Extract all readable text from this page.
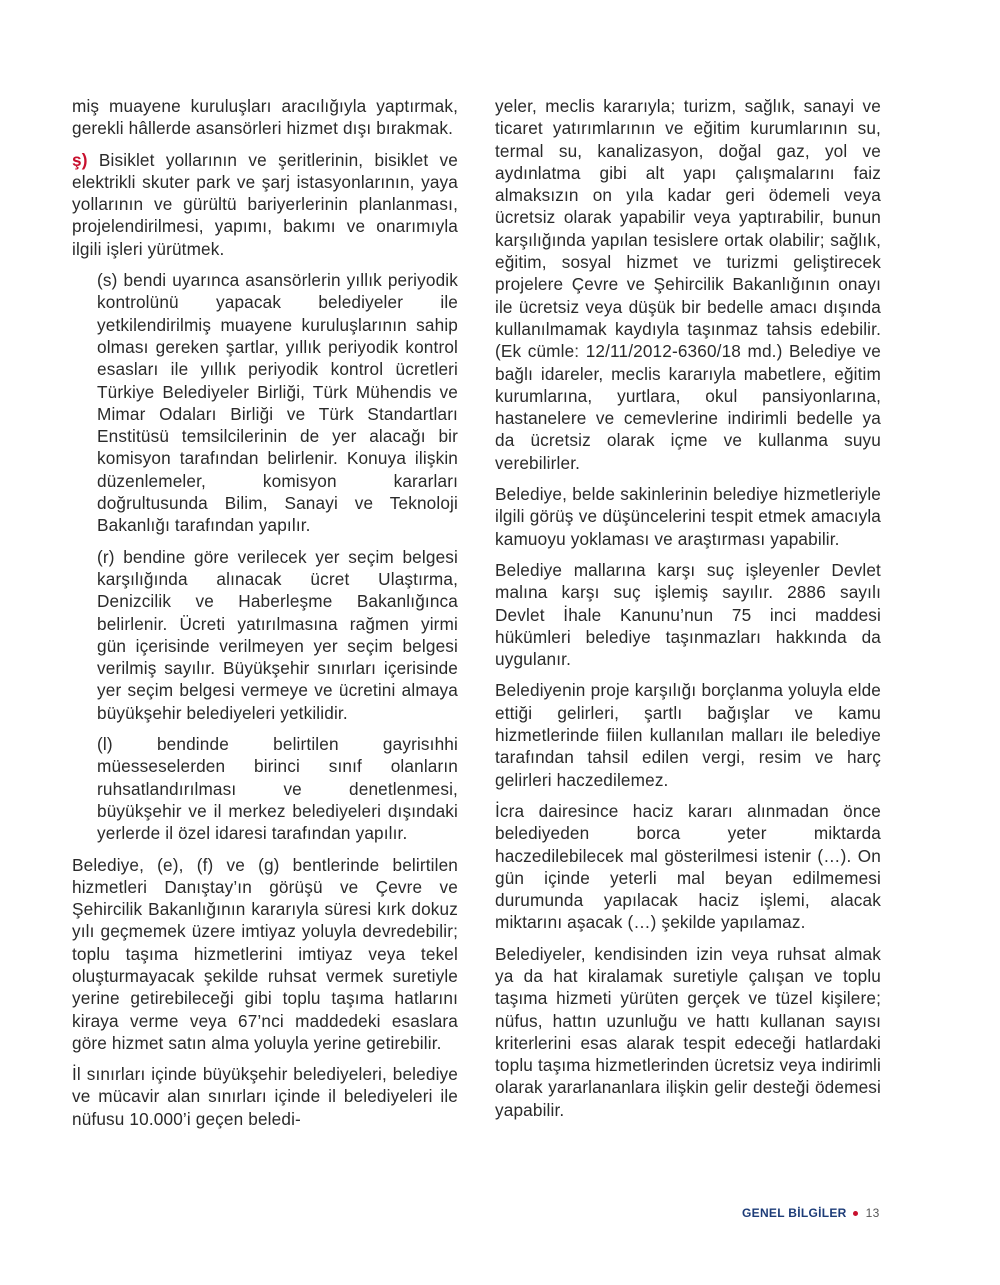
miş muayene kuruluşları aracılığıyla yaptırmak, gerekli hâllerde asansörleri hizmet dışı bırakmak.

ş) Bisiklet yollarının ve şeritlerinin, bisiklet ve elektrikli skuter park ve şarj istasyonlarının, yaya yollarının ve gürültü bariyerlerinin planlanması, projelendirilmesi, yapımı, bakımı ve onarımıyla ilgili işleri yürütmek.

(s) bendi uyarınca asansörlerin yıllık periyodik kontrolünü yapacak belediyeler ile yetkilendirilmiş muayene kuruluşlarının sahip olması gereken şartlar, yıllık periyodik kontrol esasları ile yıllık periyodik kontrol ücretleri Türkiye Belediyeler Birliği, Türk Mühendis ve Mimar Odaları Birliği ve Türk Standartları Enstitüsü temsilcilerinin de yer alacağı bir komisyon tarafından belirlenir. Konuya ilişkin düzenlemeler, komisyon kararları doğrultusunda Bilim, Sanayi ve Teknoloji Bakanlığı tarafından yapılır.

(r) bendine göre verilecek yer seçim belgesi karşılığında alınacak ücret Ulaştırma, Denizcilik ve Haberleşme Bakanlığınca belirlenir. Ücreti yatırılmasına rağmen yirmi gün içerisinde verilmeyen yer seçim belgesi verilmiş sayılır. Büyükşehir sınırları içerisinde yer seçim belgesi vermeye ve ücretini almaya büyükşehir belediyeleri yetkilidir.

(l) bendinde belirtilen gayrisıhhi müesseselerden birinci sınıf olanların ruhsatlandırılması ve denetlenmesi, büyükşehir ve il merkez belediyeleri dışındaki yerlerde il özel idaresi tarafından yapılır.

Belediye, (e), (f) ve (g) bentlerinde belirtilen hizmetleri Danıştay’ın görüşü ve Çevre ve Şehircilik Bakanlığının kararıyla süresi kırk dokuz yılı geçmemek üzere imtiyaz yoluyla devredebilir; toplu taşıma hizmetlerini imtiyaz veya tekel oluşturmayacak şekilde ruhsat vermek suretiyle yerine getirebileceği gibi toplu taşıma hatlarını kiraya verme veya 67’nci maddedeki esaslara göre hizmet satın alma yoluyla yerine getirebilir.

İl sınırları içinde büyükşehir belediyeleri, belediye ve mücavir alan sınırları içinde il belediyeleri ile nüfusu 10.000’i geçen beledi-

yeler, meclis kararıyla; turizm, sağlık, sanayi ve ticaret yatırımlarının ve eğitim kurumlarının su, termal su, kanalizasyon, doğal gaz, yol ve aydınlatma gibi alt yapı çalışmalarını faiz almaksızın on yıla kadar geri ödemeli veya ücretsiz olarak yapabilir veya yaptırabilir, bunun karşılığında yapılan tesislere ortak olabilir; sağlık, eğitim, sosyal hizmet ve turizmi geliştirecek projelere Çevre ve Şehircilik Bakanlığının onayı ile ücretsiz veya düşük bir bedelle amacı dışında kullanılmamak kaydıyla taşınmaz tahsis edebilir. (Ek cümle: 12/11/2012-6360/18 md.) Belediye ve bağlı idareler, meclis kararıyla mabetlere, eğitim kurumlarına, yurtlara, okul pansiyonlarına, hastanelere ve cemevlerine indirimli bedelle ya da ücretsiz olarak içme ve kullanma suyu verebilirler.

Belediye, belde sakinlerinin belediye hizmetleriyle ilgili görüş ve düşüncelerini tespit etmek amacıyla kamuoyu yoklaması ve araştırması yapabilir.

Belediye mallarına karşı suç işleyenler Devlet malına karşı suç işlemiş sayılır. 2886 sayılı Devlet İhale Kanunu’nun 75 inci maddesi hükümleri belediye taşınmazları hakkında da uygulanır.

Belediyenin proje karşılığı borçlanma yoluyla elde ettiği gelirleri, şartlı bağışlar ve kamu hizmetlerinde fiilen kullanılan malları ile belediye tarafından tahsil edilen vergi, resim ve harç gelirleri haczedilemez.

İcra dairesince haciz kararı alınmadan önce belediyeden borca yeter miktarda haczedilebilecek mal gösterilmesi istenir (…). On gün içinde yeterli mal beyan edilmemesi durumunda yapılacak haciz işlemi, alacak miktarını aşacak (…) şekilde yapılamaz.

Belediyeler, kendisinden izin veya ruhsat almak ya da hat kiralamak suretiyle çalışan ve toplu taşıma hizmeti yürüten gerçek ve tüzel kişilere; nüfus, hattın uzunluğu ve hattı kullanan sayısı kriterlerini esas alarak tespit edeceği hatlardaki toplu taşıma hizmetlerinden ücretsiz veya indirimli olarak yararlananlara ilişkin gelir desteği ödemesi yapabilir.

GENEL BİLGİLER 13
